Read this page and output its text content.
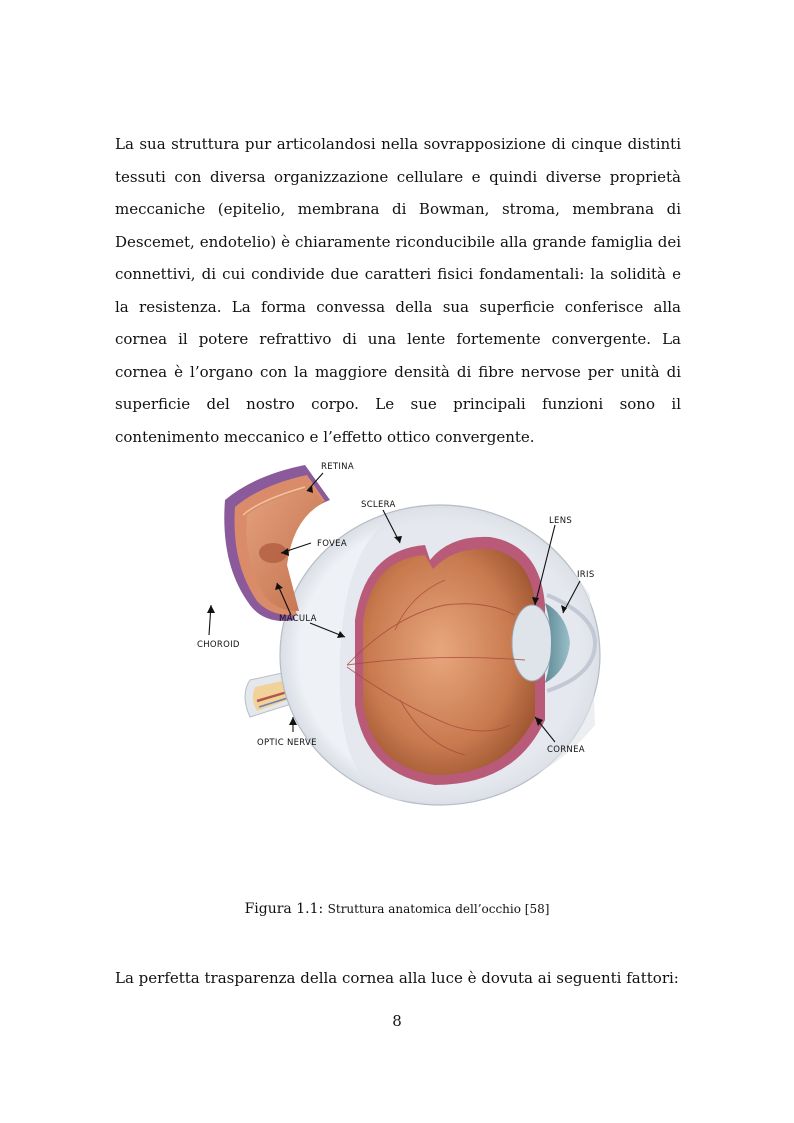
La sua struttura pur articolandosi nella sovrapposizione di cinque distinti tessuti con diversa organizzazione cellulare e quindi diverse proprietà meccaniche (epitelio, membrana di Bowman, stroma, membrana di Descemet, endotelio) è chiaramente riconducibile alla grande famiglia dei connettivi, di cui condivide due caratteri fisici fondamentali: la solidità e la resistenza. La forma convessa della sua superficie conferisce alla cornea il potere refrattivo di una lente fortemente convergente. La cornea è l’organo con la maggiore densità di fibre nervose per unità di superficie del nostro corpo. Le sue principali funzioni sono il contenimento meccanico e l’effetto ottico convergente.

RETINA
SCLERA
FOVEA
LENS
IRIS
MACULA
CHOROID
OPTIC NERVE
CORNEA
Figura 1.1: Struttura anatomica dell’occhio [58]

La perfetta trasparenza della cornea alla luce è dovuta ai seguenti fattori:

8
